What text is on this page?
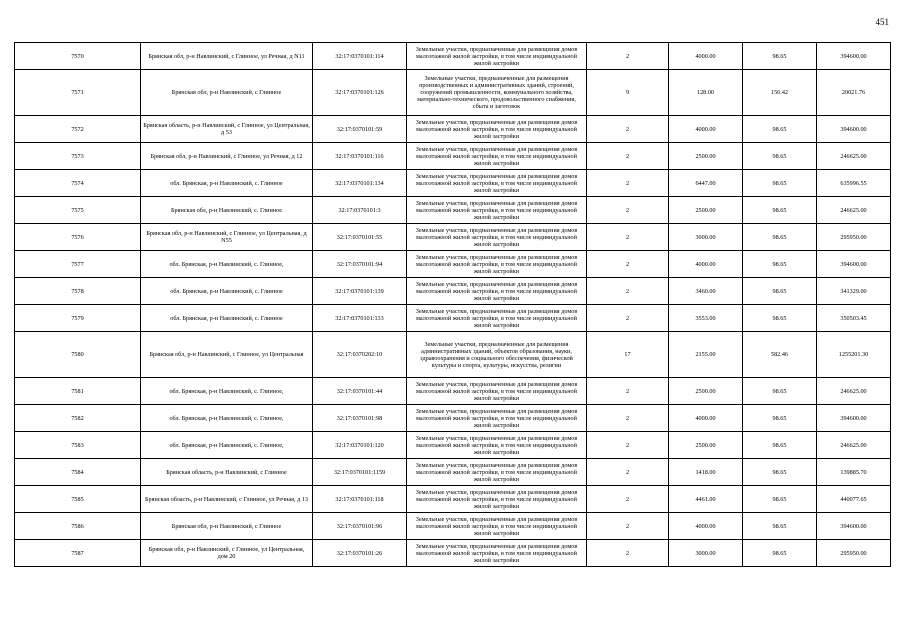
451
7570	Брянская обл, р-н Навлинский, с Глинное, ул Речная, д N11	32:17:0370101:114	Земельные участки, предназначенные для размещения домов малоэтажной жилой застройки, в том числе индивидуальной жилой застройки	2	4000.00	98.65	394600.00
7571	Брянская обл, р-н Навлинский, с Глинное	32:17:0370101:126	Земельные участки, предназначенные для размещения производственных и административных зданий, строений, сооружений промышленности, коммунального хозяйства, материально-технического, продовольственного снабжения, сбыта и заготовок	9	128.00	156.42	20021.76
7572	Брянская область, р-н Навлинский, с Глинное, ул Центральная, д 53	32:17:0370101:59	Земельные участки, предназначенные для размещения домов малоэтажной жилой застройки, в том числе индивидуальной жилой застройки	2	4000.00	98.65	394600.00
7573	Брянская обл, р-н Навлинский, с Глинное, ул Речная, д 12	32:17:0370101:116	Земельные участки, предназначенные для размещения домов малоэтажной жилой застройки, в том числе индивидуальной жилой застройки	2	2500.00	98.65	246625.00
7574	обл. Брянская, р-н Навлинский, с. Глинное	32:17:0370101:134	Земельные участки, предназначенные для размещения домов малоэтажной жилой застройки, в том числе индивидуальной жилой застройки	2	6447.00	98.65	635996.55
7575	Брянская обл, р-н Навлинский, с. Глинное	32:17:0370101:3	Земельные участки, предназначенные для размещения домов малоэтажной жилой застройки, в том числе индивидуальной жилой застройки	2	2500.00	98.65	246625.00
7576	Брянская обл, р-н Навлинский, с Глинное, ул Центральная, д N55	32:17:0370101:55	Земельные участки, предназначенные для размещения домов малоэтажной жилой застройки, в том числе индивидуальной жилой застройки	2	3000.00	98.65	295950.00
7577	обл. Брянская, р-н Навлинский, с. Глинное,	32:17:0370101:94	Земельные участки, предназначенные для размещения домов малоэтажной жилой застройки, в том числе индивидуальной жилой застройки	2	4000.00	98.65	394600.00
7578	обл. Брянская, р-н Навлинский, с. Глинное	32:17:0370101:139	Земельные участки, предназначенные для размещения домов малоэтажной жилой застройки, в том числе индивидуальной жилой застройки	2	3460.00	98.65	341329.00
7579	обл. Брянская, р-н Навлинский, с. Глинное	32:17:0370101:133	Земельные участки, предназначенные для размещения домов малоэтажной жилой застройки, в том числе индивидуальной жилой застройки	2	3553.00	98.65	350503.45
7580	Брянская обл, р-н Навлинский, с Глинное, ул Центральная	32:17:0370202:10	Земельные участки, предназначенные для размещения административных зданий, объектов образования, науки, здравоохранения и социального обеспечения, физической культуры и спорта, культуры, искусства, религии	17	2155.00	582.46	1255201.30
7581	обл. Брянская, р-н Навлинский, с. Глинное,	32:17:0370101:44	Земельные участки, предназначенные для размещения домов малоэтажной жилой застройки, в том числе индивидуальной жилой застройки	2	2500.00	98.65	246625.00
7582	обл. Брянская, р-н Навлинский, с. Глинное,	32:17:0370101:98	Земельные участки, предназначенные для размещения домов малоэтажной жилой застройки, в том числе индивидуальной жилой застройки	2	4000.00	98.65	394600.00
7583	обл. Брянская, р-н Навлинский, с. Глинное,	32:17:0370101:120	Земельные участки, предназначенные для размещения домов малоэтажной жилой застройки, в том числе индивидуальной жилой застройки	2	2500.00	98.65	246625.00
7584	Брянская область, р-н Навлинский, с Глинное	32:17:0370101:1159	Земельные участки, предназначенные для размещения домов малоэтажной жилой застройки, в том числе индивидуальной жилой застройки	2	1418.00	98.65	139885.70
7585	Брянская область, р-н Навлинский, с Глинное, ул Речная, д 13	32:17:0370101:118	Земельные участки, предназначенные для размещения домов малоэтажной жилой застройки, в том числе индивидуальной жилой застройки	2	4461.00	98.65	440077.65
7586	Брянская обл, р-н Навлинский, с Глинное	32:17:0370101:96	Земельные участки, предназначенные для размещения домов малоэтажной жилой застройки, в том числе индивидуальной жилой застройки	2	4000.00	98.65	394600.00
7587	Брянская обл, р-н Навлинский, с Глинное, ул Центральная, дом 20	32:17:0370101:26	Земельные участки, предназначенные для размещения домов малоэтажной жилой застройки, в том числе индивидуальной жилой застройки	2	3000.00	98.65	295950.00
